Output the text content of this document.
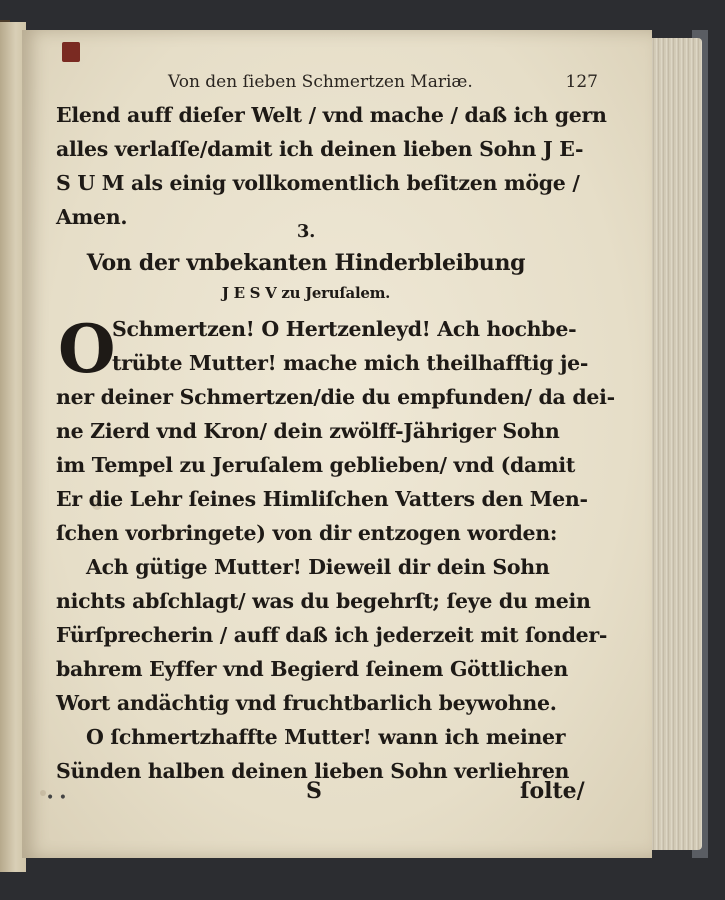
Von den ſieben Schmertzen Mariæ.	127
Elend auff dieſer Welt / vnd mache / daß ich gern
alles verlaſſe/damit ich deinen lieben Sohn J E-
S U M als einig vollkomentlich beſitzen möge /
Amen.
3.
Von der vnbekanten Hinderbleibung
J E S V zu Jeruſalem.
O
Schmertzen! O Hertzenleyd! Ach hochbe-
trübte Mutter! mache mich theilhafftig je-
ner deiner Schmertzen/die du empfunden/ da dei-
ne Zierd vnd Kron/ dein zwölff-Jähriger Sohn
im Tempel zu Jeruſalem geblieben/ vnd (damit
Er die Lehr ſeines Himliſchen Vatters den Men-
ſchen vorbringete) von dir entzogen worden:
Ach gütige Mutter! Dieweil dir dein Sohn
nichts abſchlagt/ was du begehrſt; ſeye du mein
Fürſprecherin / auff daß ich jederzeit mit ſonder-
bahrem Eyffer vnd Begierd ſeinem Göttlichen
Wort andächtig vnd fruchtbarlich beywohne.
O ſchmertzhaffte Mutter! wann ich meiner
Sünden halben deinen lieben Sohn verliehren
S	ſolte/
• •
